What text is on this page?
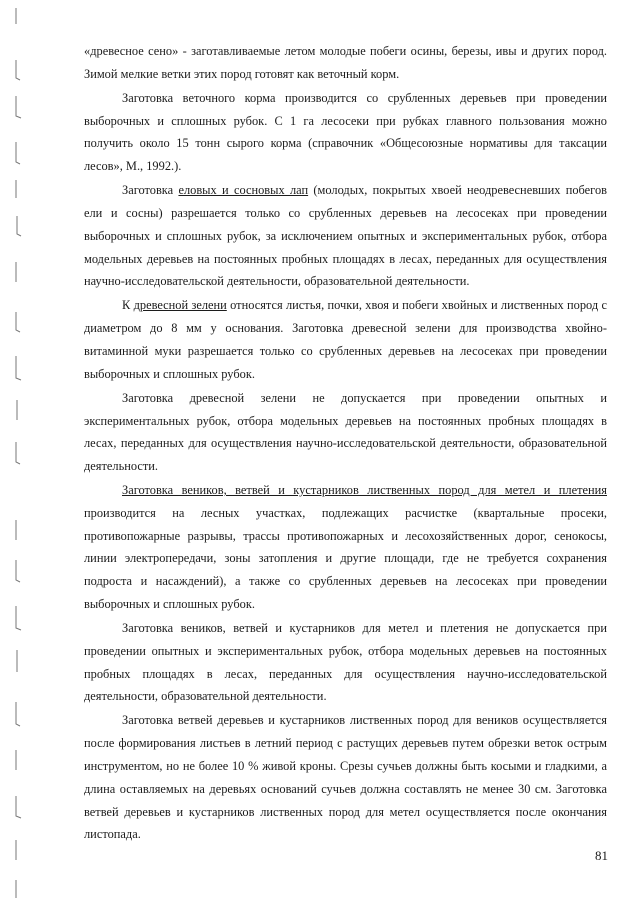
«древесное сено» - заготавливаемые летом молодые побеги осины, березы, ивы и других пород. Зимой мелкие ветки этих пород готовят как веточный корм.

Заготовка веточного корма производится со срубленных деревьев при проведении выборочных и сплошных рубок. С 1 га лесосеки при рубках главного пользования можно получить около 15 тонн сырого корма (справочник «Общесоюзные нормативы для таксации лесов», М., 1992.).

Заготовка еловых и сосновых лап (молодых, покрытых хвоей неодревесневших побегов ели и сосны) разрешается только со срубленных деревьев на лесосеках при проведении выборочных и сплошных рубок, за исключением опытных и экспериментальных рубок, отбора модельных деревьев на постоянных пробных площадях в лесах, переданных для осуществления научно-исследовательской деятельности, образовательной деятельности.

К древесной зелени относятся листья, почки, хвоя и побеги хвойных и лиственных пород с диаметром до 8 мм у основания. Заготовка древесной зелени для производства хвойно-витаминной муки разрешается только со срубленных деревьев на лесосеках при проведении выборочных и сплошных рубок.

Заготовка древесной зелени не допускается при проведении опытных и экспериментальных рубок, отбора модельных деревьев на постоянных пробных площадях в лесах, переданных для осуществления научно-исследовательской деятельности, образовательной деятельности.

Заготовка веников, ветвей и кустарников лиственных пород для метел и плетения производится на лесных участках, подлежащих расчистке (квартальные просеки, противопожарные разрывы, трассы противопожарных и лесохозяйственных дорог, сенокосы, линии электропередачи, зоны затопления и другие площади, где не требуется сохранения подроста и насаждений), а также со срубленных деревьев на лесосеках при проведении выборочных и сплошных рубок.

Заготовка веников, ветвей и кустарников для метел и плетения не допускается при проведении опытных и экспериментальных рубок, отбора модельных деревьев на постоянных пробных площадях в лесах, переданных для осуществления научно-исследовательской деятельности, образовательной деятельности.

Заготовка ветвей деревьев и кустарников лиственных пород для веников осуществляется после формирования листьев в летний период с растущих деревьев путем обрезки веток острым инструментом, но не более 10 % живой кроны. Срезы сучьев должны быть косыми и гладкими, а длина оставляемых на деревьях оснований сучьев должна составлять не менее 30 см. Заготовка ветвей деревьев и кустарников лиственных пород для метел осуществляется после окончания листопада.

81
